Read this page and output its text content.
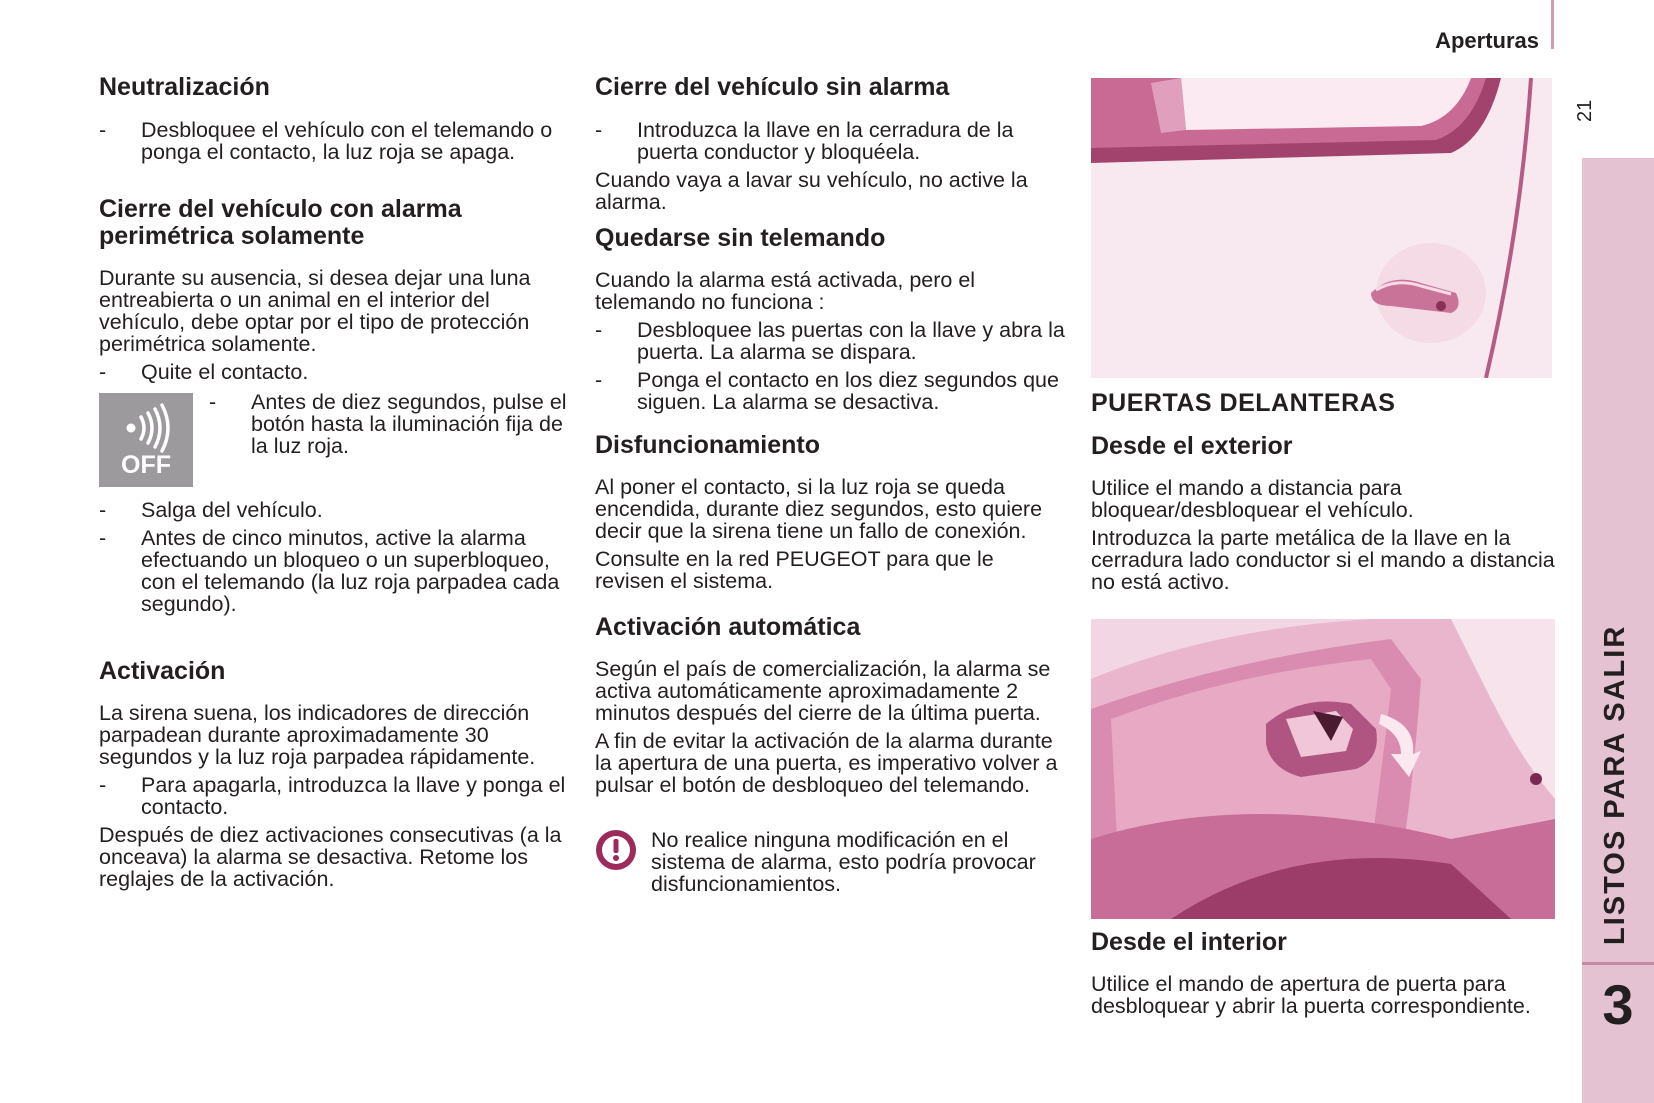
Aperturas
21
LISTOS PARA SALIR
3
Neutralización
- Desbloquee el vehículo con el telemando o ponga el contacto, la luz roja se apaga.
Cierre del vehículo con alarma perimétrica solamente

Durante su ausencia, si desea dejar una luna entreabierta o un animal en el interior del vehículo, debe optar por el tipo de protección perimétrica solamente.

- Quite el contacto.
OFF
- Antes de diez segundos, pulse el botón hasta la iluminación fija de la luz roja.
- Salga del vehículo.
- Antes de cinco minutos, active la alarma efectuando un bloqueo o un superbloqueo, con el telemando (la luz roja parpadea cada segundo).
Activación

La sirena suena, los indicadores de dirección parpadean durante aproximadamente 30 segundos y la luz roja parpadea rápidamente.

- Para apagarla, introduzca la llave y ponga el contacto.

Después de diez activaciones consecutivas (a la onceava) la alarma se desactiva. Retome los reglajes de la activación.

Cierre del vehículo sin alarma
- Introduzca la llave en la cerradura de la puerta conductor y bloquéela.

Cuando vaya a lavar su vehículo, no active la alarma.

Quedarse sin telemando

Cuando la alarma está activada, pero el telemando no funciona :

- Desbloquee las puertas con la llave y abra la puerta. La alarma se dispara.
- Ponga el contacto en los diez segundos que siguen. La alarma se desactiva.
Disfuncionamiento

Al poner el contacto, si la luz roja se queda encendida, durante diez segundos, esto quiere decir que la sirena tiene un fallo de conexión.

Consulte en la red PEUGEOT para que le revisen el sistema.

Activación automática

Según el país de comercialización, la alarma se activa automáticamente aproximadamente 2 minutos después del cierre de la última puerta.

A fin de evitar la activación de la alarma durante la apertura de una puerta, es imperativo volver a pulsar el botón de desbloqueo del telemando.

No realice ninguna modificación en el sistema de alarma, esto podría provocar disfuncionamientos.

PUERTAS DELANTERAS
Desde el exterior

Utilice el mando a distancia para bloquear/desbloquear el vehículo.

Introduzca la parte metálica de la llave en la cerradura lado conductor si el mando a distancia no está activo.

Desde el interior

Utilice el mando de apertura de puerta para desbloquear y abrir la puerta correspondiente.
